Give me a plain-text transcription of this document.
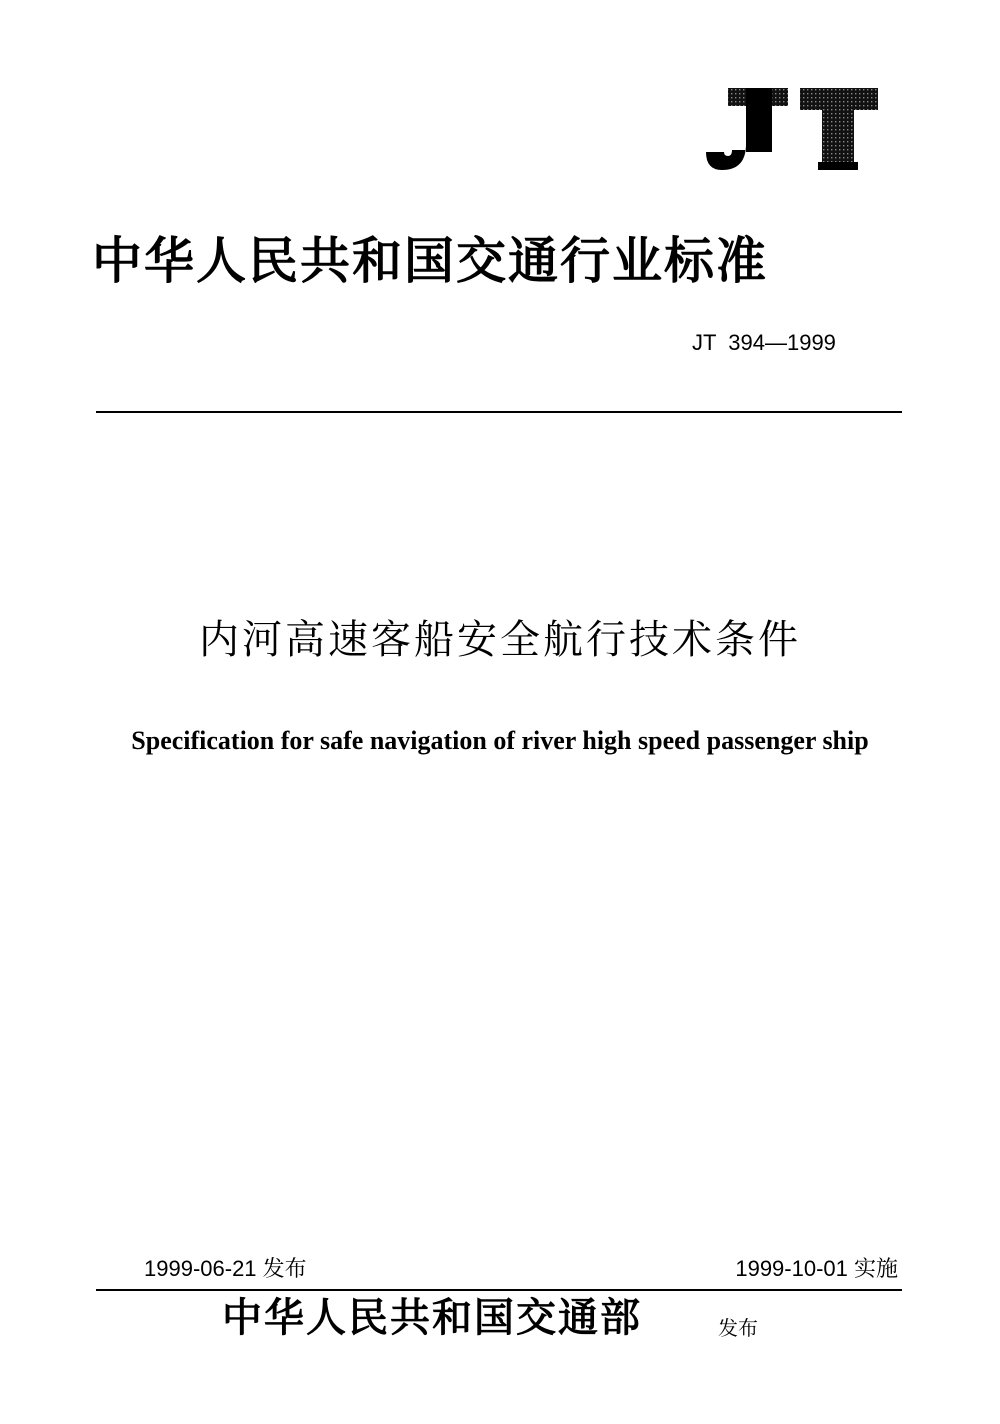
中华人民共和国交通行业标准
JT  394—1999
内河高速客船安全航行技术条件
Specification for safe navigation of river high speed passenger ship
1999-06-21 发布	1999-10-01 实施
中华人民共和国交通部	发布
